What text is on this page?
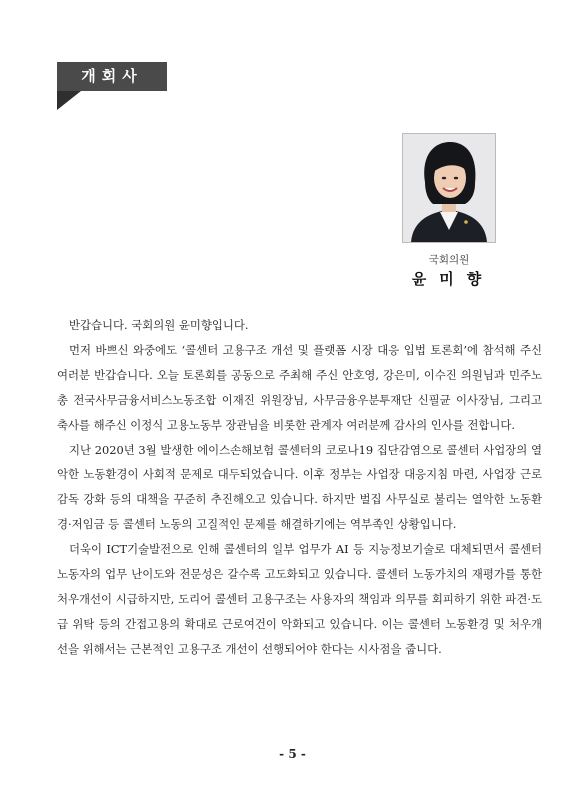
개회사
국회의원
윤미향

반갑습니다. 국회의원 윤미향입니다.

먼저 바쁘신 와중에도 ‘콜센터 고용구조 개선 및 플랫폼 시장 대응 입법 토론회’에 참석해 주신 여러분 반갑습니다. 오늘 토론회를 공동으로 주최해 주신 안호영, 강은미, 이수진 의원님과 민주노총 전국사무금융서비스노동조합 이재진 위원장님, 사무금융우분투재단 신필균 이사장님, 그리고 축사를 해주신 이정식 고용노동부 장관님을 비롯한 관계자 여러분께 감사의 인사를 전합니다.

지난 2020년 3월 발생한 에이스손해보험 콜센터의 코로나19 집단감염으로 콜센터 사업장의 열악한 노동환경이 사회적 문제로 대두되었습니다. 이후 정부는 사업장 대응지침 마련, 사업장 근로감독 강화 등의 대책을 꾸준히 추진해오고 있습니다. 하지만 벌집 사무실로 불리는 열악한 노동환경·저임금 등 콜센터 노동의 고질적인 문제를 해결하기에는 역부족인 상황입니다.

더욱이 ICT기술발전으로 인해 콜센터의 일부 업무가 AI 등 지능정보기술로 대체되면서 콜센터 노동자의 업무 난이도와 전문성은 갈수록 고도화되고 있습니다. 콜센터 노동가치의 재평가를 통한 처우개선이 시급하지만, 도리어 콜센터 고용구조는 사용자의 책임과 의무를 회피하기 위한 파견·도급 위탁 등의 간접고용의 확대로 근로여건이 악화되고 있습니다. 이는 콜센터 노동환경 및 처우개선을 위해서는 근본적인 고용구조 개선이 선행되어야 한다는 시사점을 줍니다.

- 5 -
